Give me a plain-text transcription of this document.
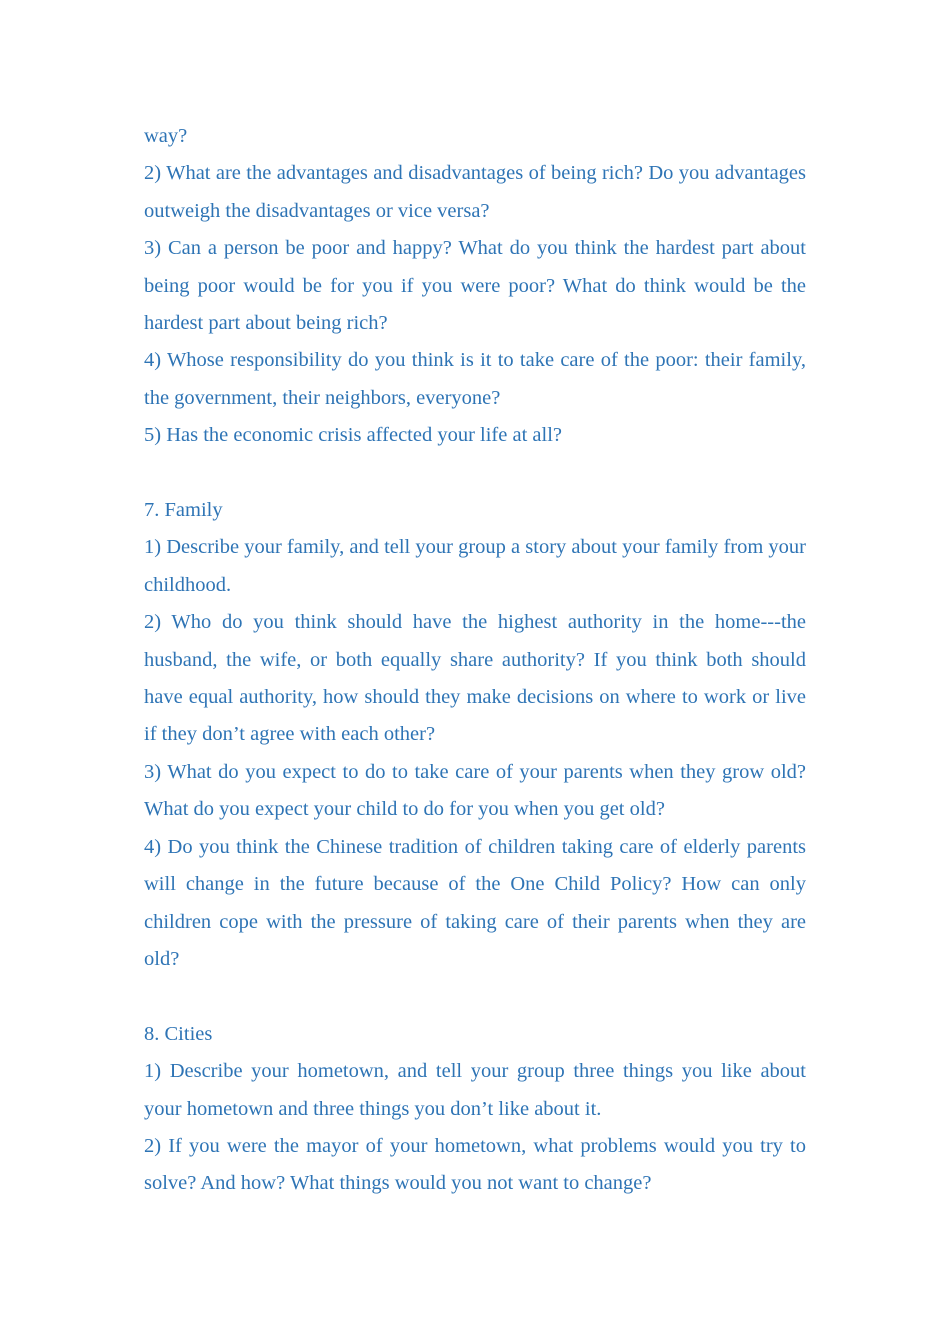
way?

2) What are the advantages and disadvantages of being rich? Do you advantages outweigh the disadvantages or vice versa?

3) Can a person be poor and happy? What do you think the hardest part about being poor would be for you if you were poor? What do think would be the hardest part about being rich?

4) Whose responsibility do you think is it to take care of the poor: their family, the government, their neighbors, everyone?

5) Has the economic crisis affected your life at all?

7. Family

1) Describe your family, and tell your group a story about your family from your childhood.

2) Who do you think should have the highest authority in the home---the husband, the wife, or both equally share authority? If you think both should have equal authority, how should they make decisions on where to work or live if they don’t agree with each other?

3) What do you expect to do to take care of your parents when they grow old? What do you expect your child to do for you when you get old?

4) Do you think the Chinese tradition of children taking care of elderly parents will change in the future because of the One Child Policy? How can only children cope with the pressure of taking care of their parents when they are old?

8. Cities

1) Describe your hometown, and tell your group three things you like about your hometown and three things you don’t like about it.

2) If you were the mayor of your hometown, what problems would you try to solve? And how? What things would you not want to change?
